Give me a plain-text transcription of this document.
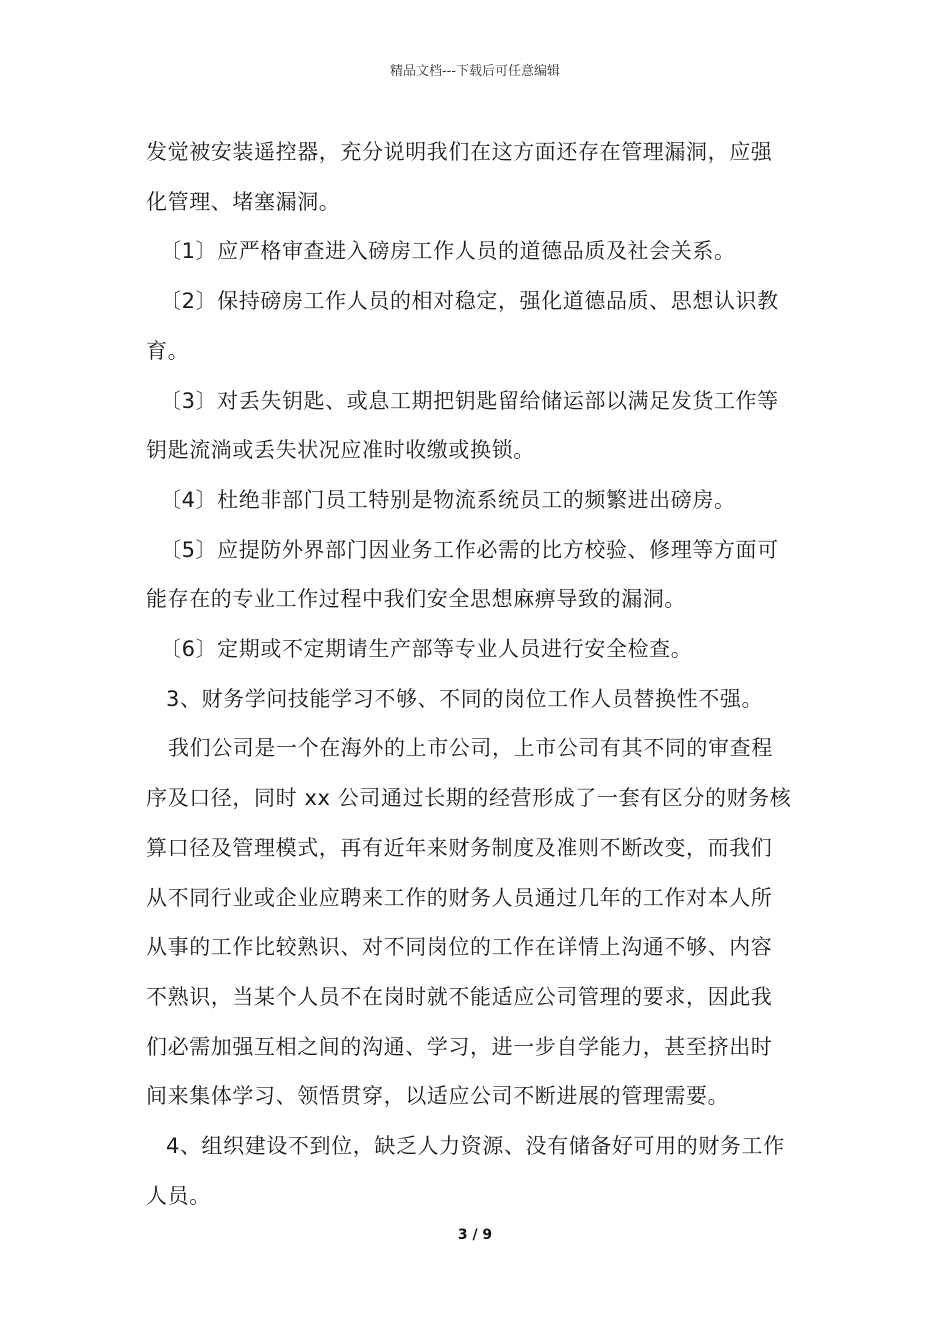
精品文档---下载后可任意编辑
发觉被安装遥控器，充分说明我们在这方面还存在管理漏洞，应强
化管理、堵塞漏洞。
〔1〕应严格审查进入磅房工作人员的道德品质及社会关系。
〔2〕保持磅房工作人员的相对稳定，强化道德品质、思想认识教
育。
〔3〕对丢失钥匙、或息工期把钥匙留给储运部以满足发货工作等
钥匙流淌或丢失状况应准时收缴或换锁。
〔4〕杜绝非部门员工特别是物流系统员工的频繁进出磅房。
〔5〕应提防外界部门因业务工作必需的比方校验、修理等方面可
能存在的专业工作过程中我们安全思想麻痹导致的漏洞。
〔6〕定期或不定期请生产部等专业人员进行安全检查。
3、财务学问技能学习不够、不同的岗位工作人员替换性不强。
我们公司是一个在海外的上市公司，上市公司有其不同的审查程
序及口径，同时 xx 公司通过长期的经营形成了一套有区分的财务核
算口径及管理模式，再有近年来财务制度及准则不断改变，而我们
从不同行业或企业应聘来工作的财务人员通过几年的工作对本人所
从事的工作比较熟识、对不同岗位的工作在详情上沟通不够、内容
不熟识，当某个人员不在岗时就不能适应公司管理的要求，因此我
们必需加强互相之间的沟通、学习，进一步自学能力，甚至挤出时
间来集体学习、领悟贯穿，以适应公司不断进展的管理需要。
4、组织建设不到位，缺乏人力资源、没有储备好可用的财务工作
人员。
3 / 9
